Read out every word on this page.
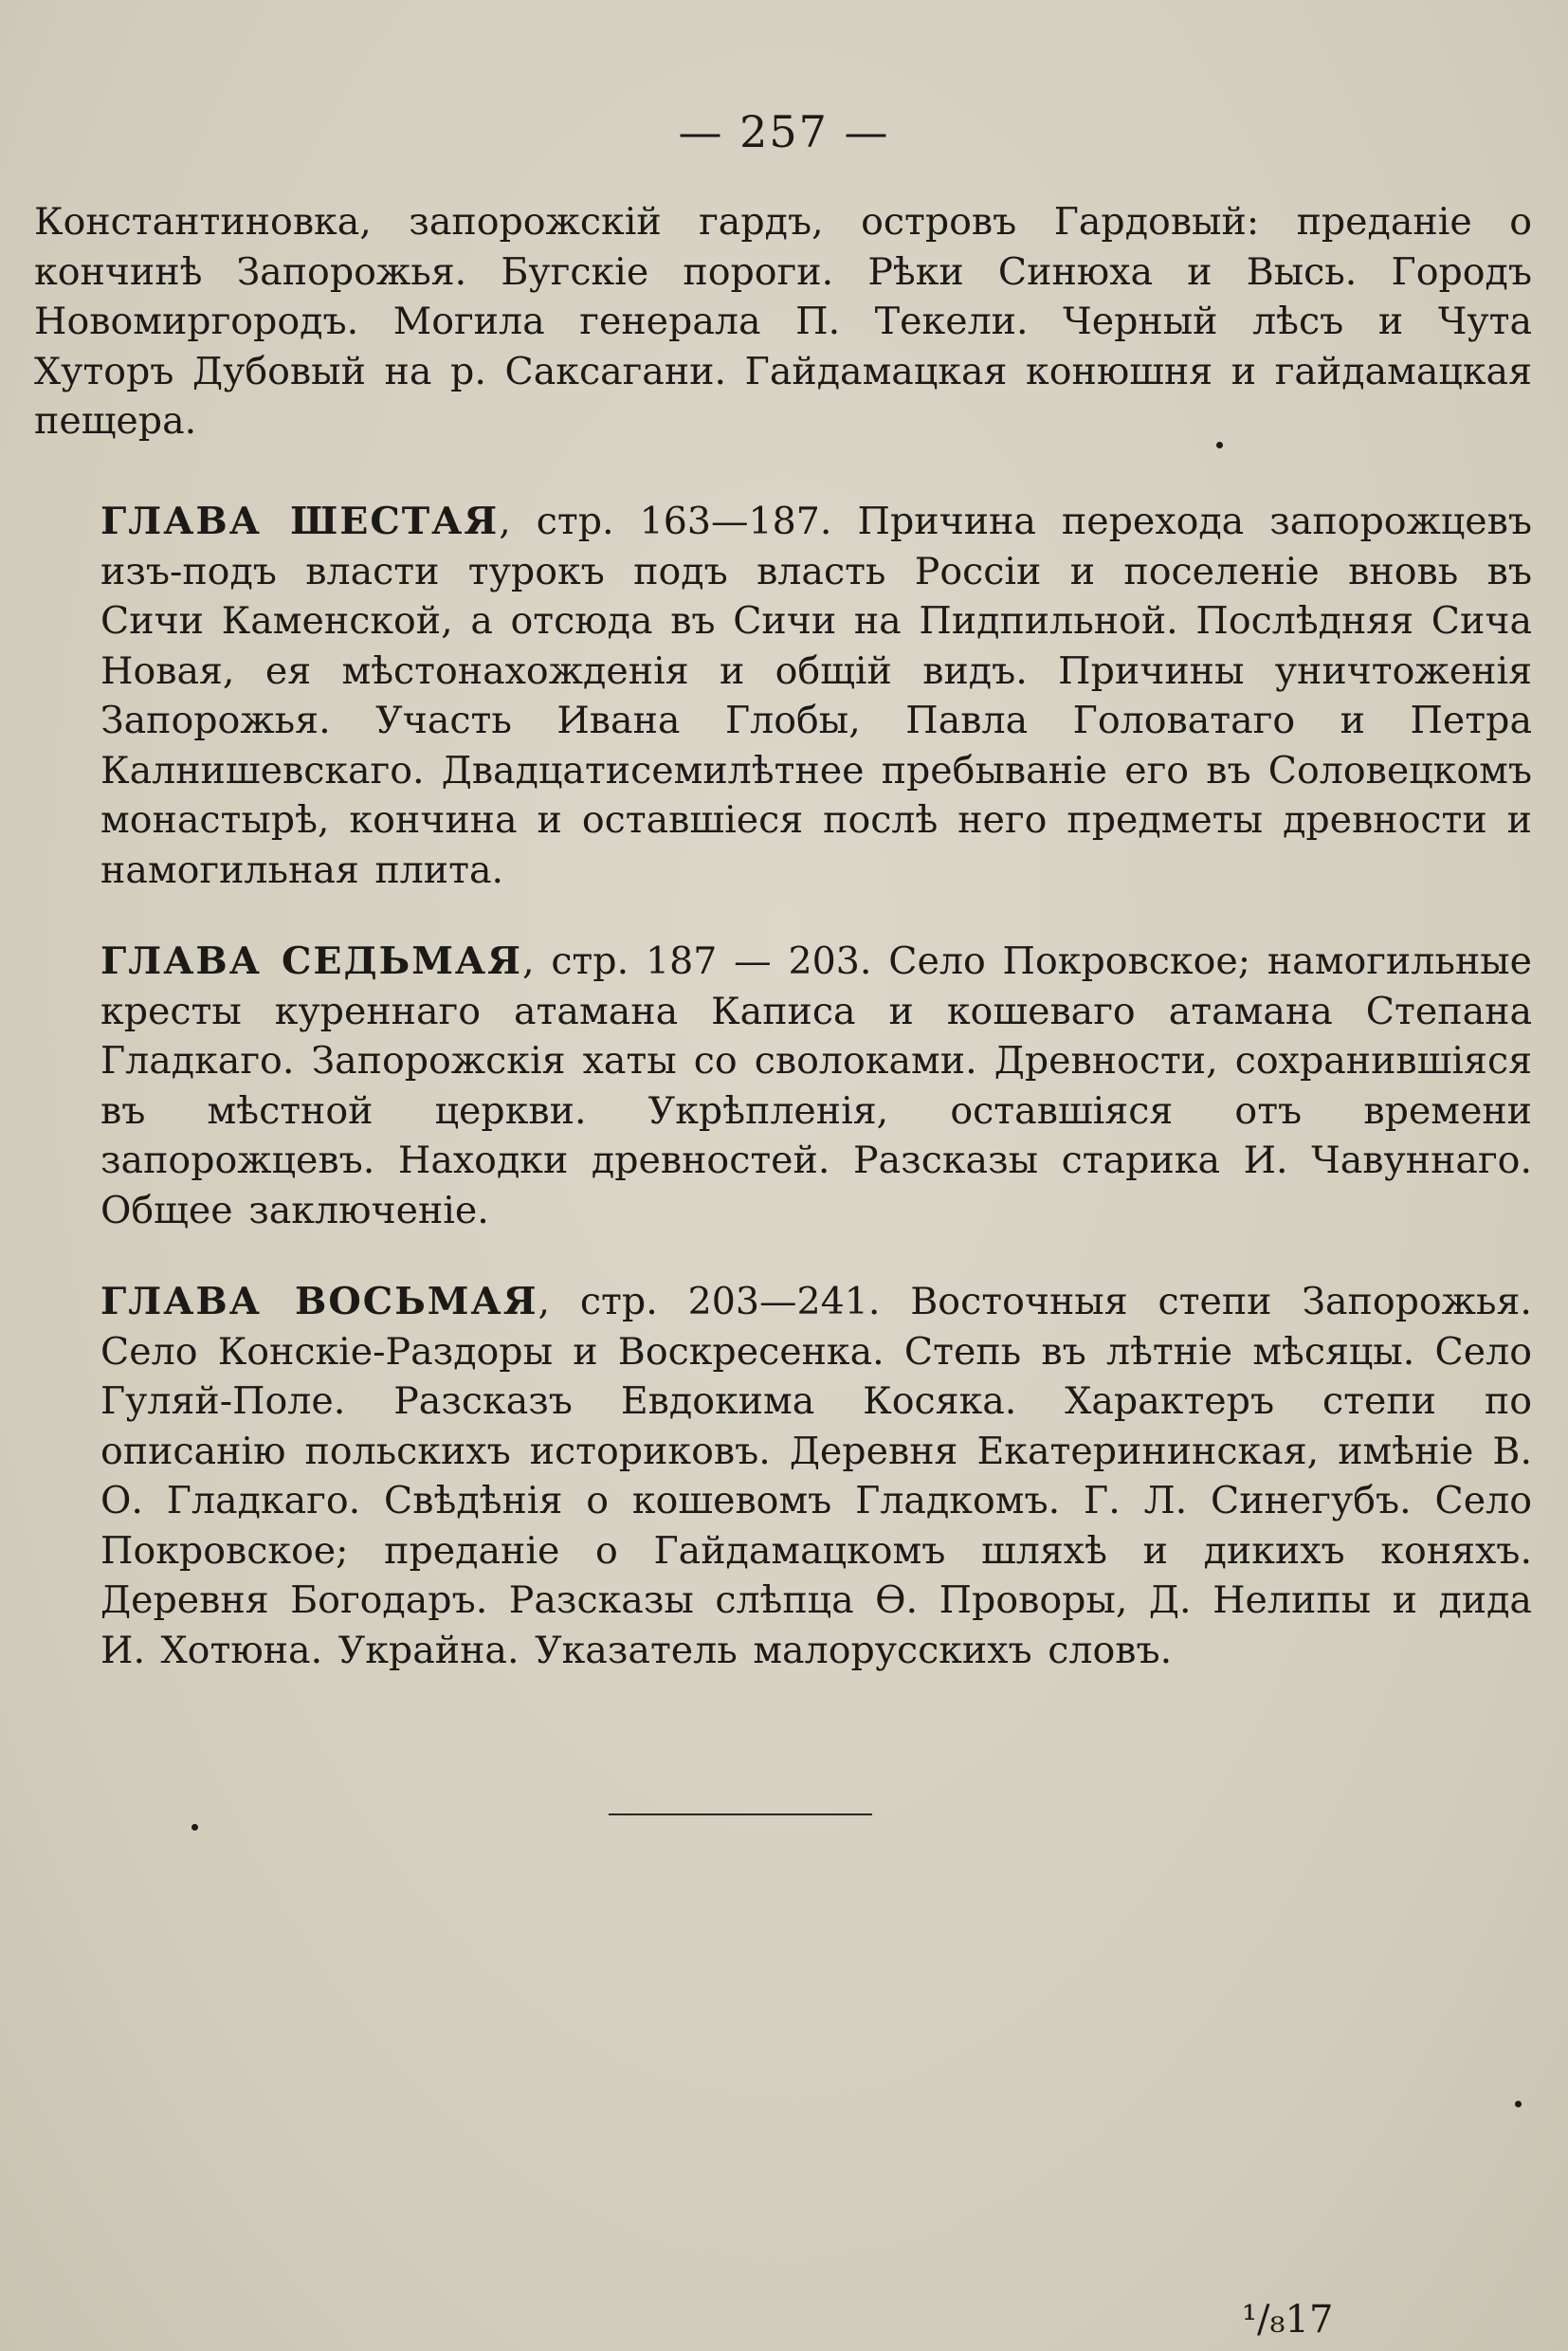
— 257 —

Константиновка, запорожскій гардъ, островъ Гардовый: преданіе о кончинѣ Запорожья. Бугскіе пороги. Рѣки Синюха и Высь. Городъ Новомиргородъ. Могила генерала П. Текели. Черный лѣсъ и Чута Хуторъ Дубовый на р. Саксагани. Гайдамацкая конюшня и гайдамацкая пещера.

ГЛАВА ШЕСТАЯ, стр. 163—187. Причина перехода запорожцевъ изъ-подъ власти турокъ подъ власть Россіи и поселеніе вновь въ Сичи Каменской, а отсюда въ Сичи на Пидпильной. Послѣдняя Сича Новая, ея мѣстонахожденія и общій видъ. Причины уничтоженія Запорожья. Участь Ивана Глобы, Павла Головатаго и Петра Калнишевскаго. Двадцатисемилѣтнее пребываніе его въ Соловецкомъ монастырѣ, кончина и оставшіеся послѣ него предметы древности и намогильная плита.

ГЛАВА СЕДЬМАЯ, стр. 187 — 203. Село Покровское; намогильные кресты куреннаго атамана Каписа и кошеваго атамана Степана Гладкаго. Запорожскія хаты со сволоками. Древности, сохранившіяся въ мѣстной церкви. Укрѣпленія, оставшіяся отъ времени запорожцевъ. Находки древностей. Разсказы старика И. Чавуннаго. Общее заключеніе.

ГЛАВА ВОСЬМАЯ, стр. 203—241. Восточныя степи Запорожья. Село Конскіе-Раздоры и Воскресенка. Степь въ лѣтніе мѣсяцы. Село Гуляй-Поле. Разсказъ Евдокима Косяка. Характеръ степи по описанію польскихъ историковъ. Деревня Екатерининская, имѣніе В. О. Гладкаго. Свѣдѣнія о кошевомъ Гладкомъ. Г. Л. Синегубъ. Село Покровское; преданіе о Гайдамацкомъ шляхѣ и дикихъ коняхъ. Деревня Богодаръ. Разсказы слѣпца Ѳ. Проворы, Д. Нелипы и дида И. Хотюна. Украйна. Указатель малорусскихъ словъ.

¹/₈17
